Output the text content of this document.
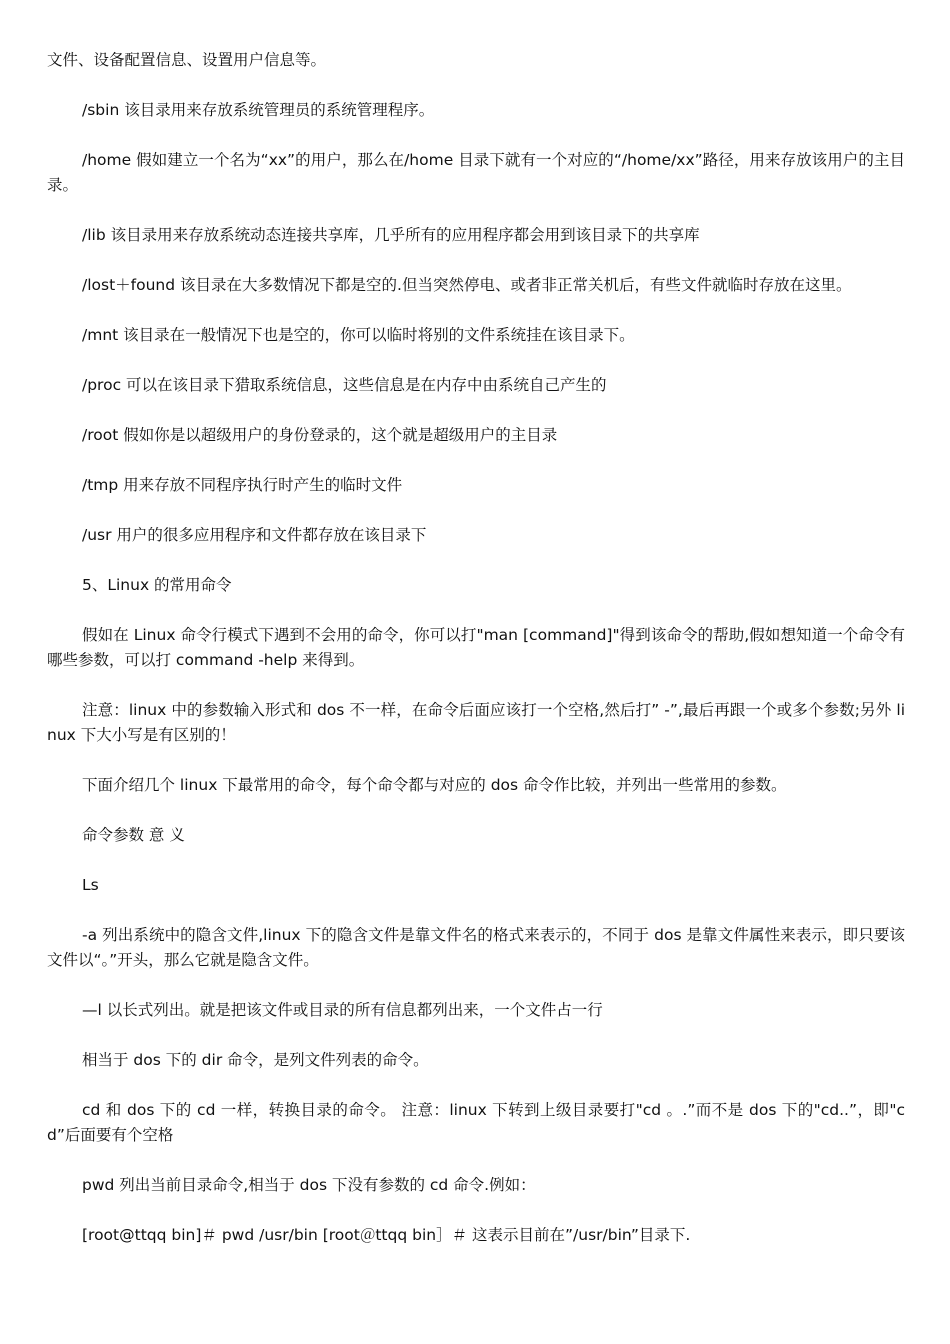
文件、设备配置信息、设置用户信息等。

/sbin 该目录用来存放系统管理员的系统管理程序。

/home 假如建立一个名为“xx”的用户，那么在/home 目录下就有一个对应的“/home/xx”路径，用来存放该用户的主目录。

/lib 该目录用来存放系统动态连接共享库，几乎所有的应用程序都会用到该目录下的共享库

/lost＋found 该目录在大多数情况下都是空的.但当突然停电、或者非正常关机后，有些文件就临时存放在这里。

/mnt 该目录在一般情况下也是空的，你可以临时将别的文件系统挂在该目录下。

/proc 可以在该目录下猎取系统信息，这些信息是在内存中由系统自己产生的

/root 假如你是以超级用户的身份登录的，这个就是超级用户的主目录

/tmp 用来存放不同程序执行时产生的临时文件

/usr 用户的很多应用程序和文件都存放在该目录下

5、Linux 的常用命令

假如在 Linux 命令行模式下遇到不会用的命令，你可以打"man [command]"得到该命令的帮助,假如想知道一个命令有哪些参数，可以打 command -help 来得到。

注意：linux 中的参数输入形式和 dos 不一样，在命令后面应该打一个空格,然后打” -”,最后再跟一个或多个参数;另外 linux 下大小写是有区别的！

下面介绍几个 linux 下最常用的命令，每个命令都与对应的 dos 命令作比较，并列出一些常用的参数。

命令参数 意 义

Ls

-a 列出系统中的隐含文件,linux 下的隐含文件是靠文件名的格式来表示的，不同于 dos 是靠文件属性来表示，即只要该文件以“。”开头，那么它就是隐含文件。

—l 以长式列出。就是把该文件或目录的所有信息都列出来，一个文件占一行

相当于 dos 下的 dir 命令，是列文件列表的命令。

cd 和 dos 下的 cd 一样，转换目录的命令。 注意：linux 下转到上级目录要打"cd 。.”而不是 dos 下的"cd..”，即"cd”后面要有个空格

pwd 列出当前目录命令,相当于 dos 下没有参数的 cd 命令.例如：

[root@ttqq bin]＃ pwd /usr/bin [root＠ttqq bin］＃ 这表示目前在”/usr/bin”目录下.
